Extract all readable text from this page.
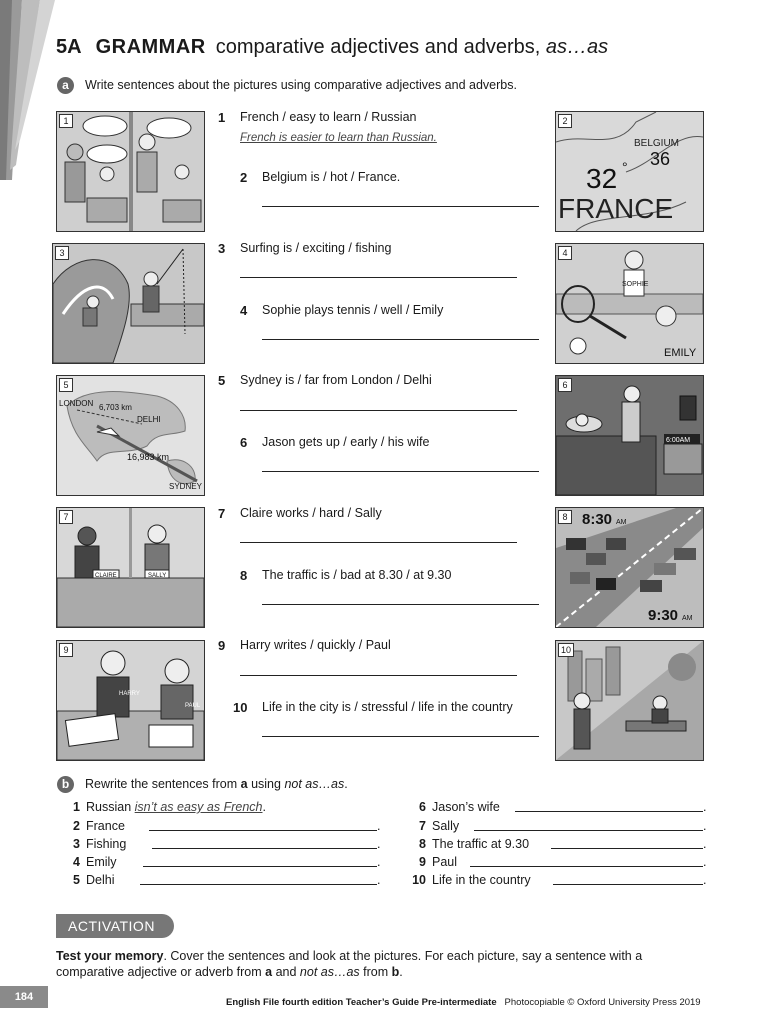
5A GRAMMAR comparative adjectives and adverbs, as…as
a	Write sentences about the pictures using comparative adjectives and adverbs.
1
BELGIUM
36
32 °
FRANCE
2
3
SOPHIE
EMILY
4
LONDON 6,703 km
DELHI
16,983 km
SYDNEY
5
6:00AM
6
CLAIRE	SALLY
7	8:30 AM
9:30 AM
8
HARRY
PAUL
9	10
1 French / easy to learn / Russian
French is easier to learn than Russian.
2 Belgium is / hot / France.
3 Surfing is / exciting / fishing
4 Sophie plays tennis / well / Emily
5 Sydney is / far from London / Delhi
6 Jason gets up / early / his wife
7 Claire works / hard / Sally
8 The traffic is / bad at 8.30 / at 9.30
9 Harry writes / quickly / Paul
10 Life in the city is / stressful / life in the country
b	Rewrite the sentences from a using not as…as.
1 Russian isn’t as easy as French.
2 France	.
3 Fishing	.
4 Emily	.
5 Delhi	.
6 Jason’s wife	.
7 Sally	.
8 The traffic at 9.30	.
9 Paul	.
10 Life in the country	.
ACTIVATION
Test your memory. Cover the sentences and look at the pictures. For each picture, say a sentence with a comparative adjective or adverb from a and not as…as from b.
184	English File fourth edition Teacher’s Guide Pre-intermediate Photocopiable © Oxford University Press 2019
